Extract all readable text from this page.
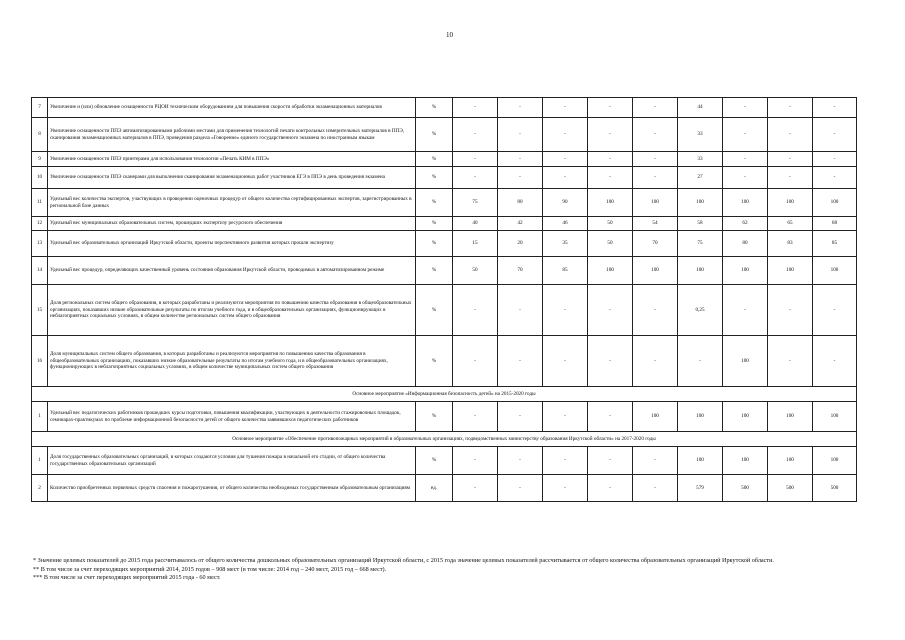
10
7	Увеличение и (или) обновление оснащенности РЦОИ техническим оборудованием для повышения скорости обработки экзаменационных материалов	%	-	-	-	-	-	44	-	-	-
8	Увеличение оснащенности ППЭ автоматизированными рабочими местами для применения технологий печати контрольных измерительных материалов в ППЭ, сканирования экзаменационных материалов в ППЭ, проведения раздела «Говорение» единого государственного экзамена по иностранным языкам	%	-	-	-	-	-	33	-	-	-
9	Увеличение оснащенности ППЭ принтерами для использования технологии «Печать КИМ в ППЭ»	%	-	-	-	-	-	33	-	-	-
10	Увеличение оснащенности ППЭ сканерами для выполнения сканирования экзаменационных работ участников ЕГЭ в ППЭ в день проведения экзамена	%	-	-	-	-	-	27	-	-	-
11	Удельный вес количества экспертов, участвующих в проведении оценочных процедур от общего количества сертифицированных экспертов, зарегистрированных в региональной базе данных	%	75	80	90	100	100	100	100	100	100
12	Удельный вес муниципальных образовательных систем, прошедших экспертизу ресурсного обеспечения	%	40	42	46	50	54	58	62	65	68
13	Удельный вес образовательных организаций Иркутской области, проекты перспективного развития которых прошли экспертизу	%	15	20	35	50	70	75	80	83	85
14	Удельный вес процедур, определяющих качественный уровень состояния образования Иркутской области, проводимых в автоматизированном режиме	%	50	70	85	100	100	100	100	100	100
15	Доля региональных систем общего образования, в которых разработаны и реализуются мероприятия по повышению качества образования в общеобразовательных организациях, показавших низкие образовательные результаты по итогам учебного года, и в общеобразовательных организациях, функционирующих в неблагоприятных социальных условиях, в общем количестве региональных систем общего образования	%	-	-	-	-	-	0,25	-	-	-
16	Доля муниципальных систем общего образования, в которых разработаны и реализуются мероприятия по повышению качества образования в общеобразовательных организациях, показавших низкие образовательные результаты по итогам учебного года, и в общеобразовательных организациях, функционирующих в неблагоприятных социальных условиях, в общем количестве муниципальных систем общего образования	%	-	-	-	-	-	-	100	-	-
Основное мероприятие «Информационная безопасность детей» на 2015-2020 годы											
1	Удельный вес педагогических работников прошедших курсы подготовки, повышения квалификации, участвующих в деятельности стажировочных площадок, семинарах-практикумах по проблеме информационной безопасности детей от общего количества заявившихся педагогических работников	%	-	-	-	-	100	100	100	100	100
Основное мероприятие «Обеспечение противопожарных мероприятий в образовательных организациях, подведомственных министерству образования Иркутской области» на 2017-2020 годы											
1	Доля государственных образовательных организаций, в которых создаются условия для тушения пожара в начальной его стадии, от общего количества государственных образовательных организаций	%	-	-	-	-	-	100	100	100	100
2	Количество приобретенных первичных средств спасения и пожаротушения, от общего количества необходимых государственным образовательным организациям	ед.	-	-	-	-	-	579	500	500	500

* Значение целевых показателей до 2015 года рассчитывалось от общего количества дошкольных образовательных организаций Иркутской области, с 2015 года значение целевых показателей рассчитывается от общего количества образовательных организаций Иркутской области.

** В том числе за счет переходящих мероприятий 2014, 2015 годов – 908 мест (в том числе: 2014 год – 240 мест, 2015 год – 668 мест).

*** В том числе за счет переходящих мероприятий 2015 года - 60 мест.
